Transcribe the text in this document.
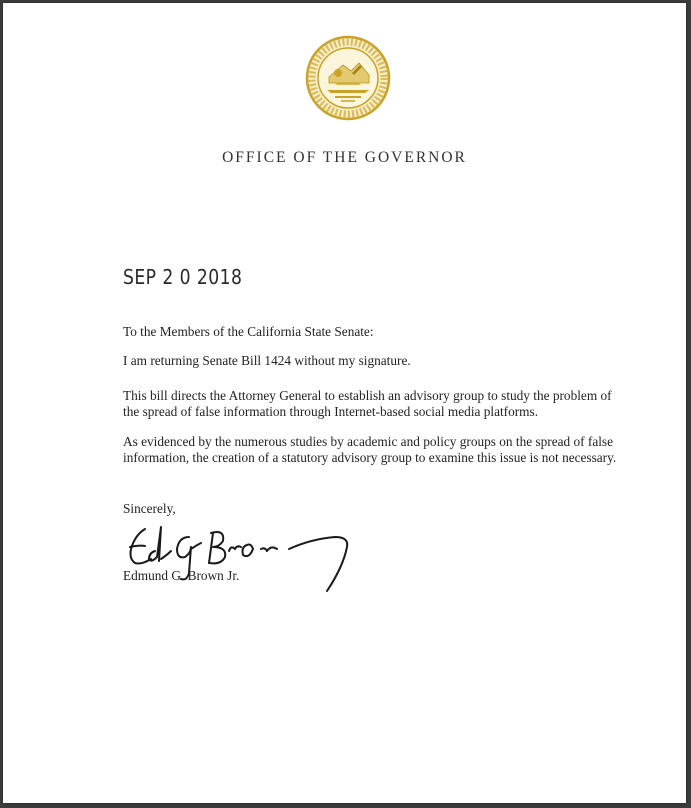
OFFICE OF THE GOVERNOR
SEP 2 0 2018
To the Members of the California State Senate:
I am returning Senate Bill 1424 without my signature.
This bill directs the Attorney General to establish an advisory group to study the problem of the spread of false information through Internet-based social media platforms.
As evidenced by the numerous studies by academic and policy groups on the spread of false information, the creation of a statutory advisory group to examine this issue is not necessary.
Sincerely,
Edmund G. Brown Jr.
